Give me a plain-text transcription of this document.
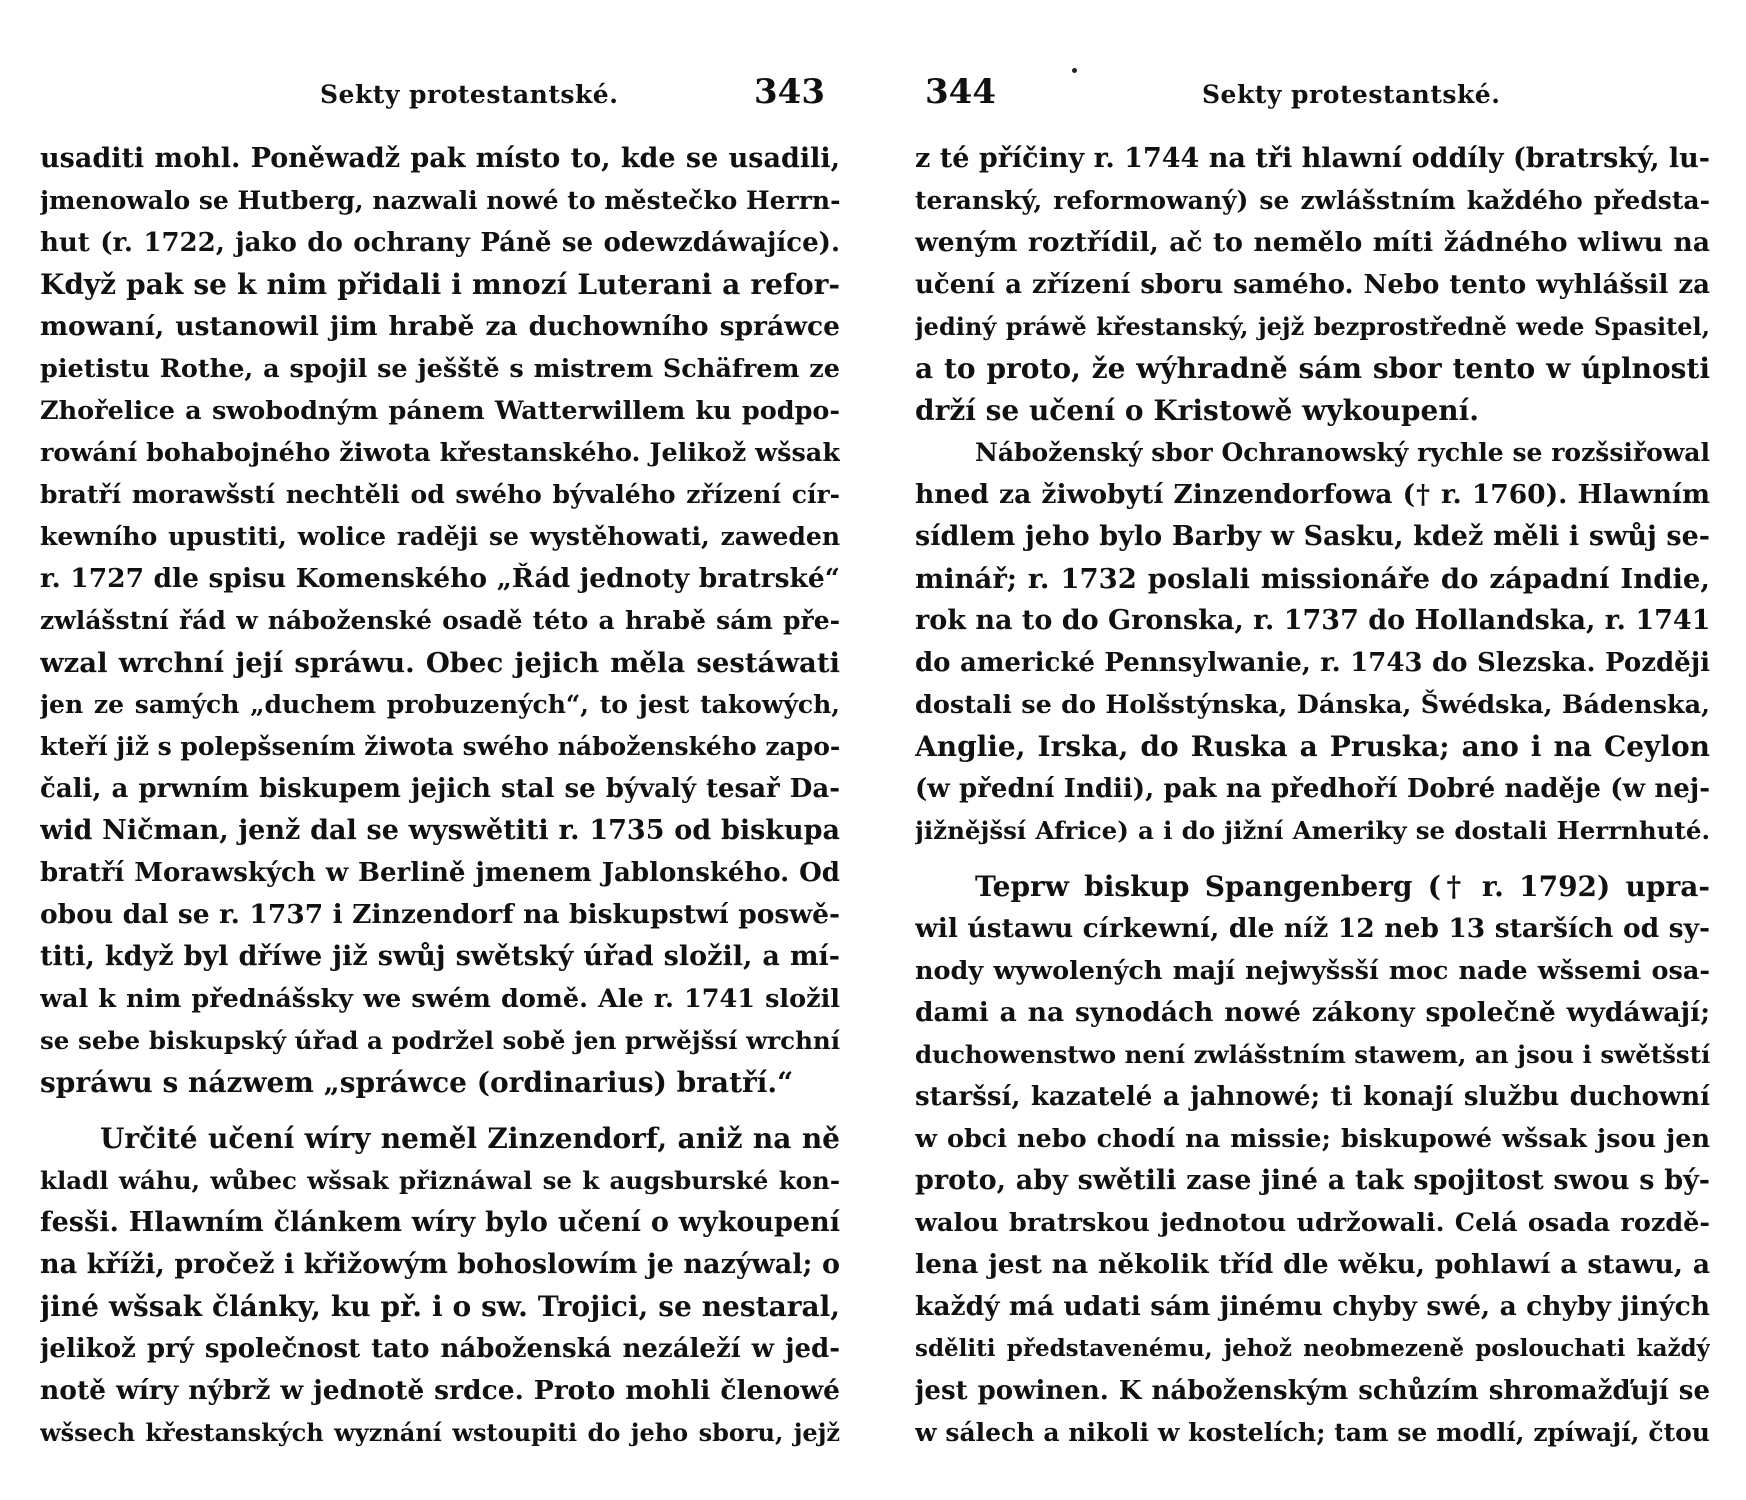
Sekty protestantské.	343
usaditi mohl. Poněwadž pak místo to, kde se usadili,
jmenowalo se Hutberg, nazwali nowé to městečko Herrn-
hut (r. 1722, jako do ochrany Páně se odewzdáwajíce).
Když pak se k nim přidali i mnozí Luterani a refor-
mowaní, ustanowil jim hrabě za duchowního spráwce
pietistu Rothe, a spojil se ješště s mistrem Schäfrem ze
Zhořelice a swobodným pánem Watterwillem ku podpo-
rowání bohabojného žiwota křestanského. Jelikož wšsak
bratří morawšstí nechtěli od swého bývalého zřízení cír-
kewního upustiti, wolice raději se wystěhowati, zaweden
r. 1727 dle spisu Komenského „Řád jednoty bratrské“
zwlášstní řád w náboženské osadě této a hrabě sám pře-
wzal wrchní její spráwu. Obec jejich měla sestáwati
jen ze samých „duchem probuzených“, to jest takowých,
kteří již s polepšsením žiwota swého náboženského zapo-
čali, a prwním biskupem jejich stal se bývalý tesař Da-
wid Ničman, jenž dal se wyswětiti r. 1735 od biskupa
bratří Morawských w Berlině jmenem Jablonského. Od
obou dal se r. 1737 i Zinzendorf na biskupstwí poswě-
titi, když byl dříwe již swůj swětský úřad složil, a mí-
wal k nim přednášsky we swém domě. Ale r. 1741 složil
se sebe biskupský úřad a podržel sobě jen prwějšsí wrchní
spráwu s názwem „spráwce (ordinarius) bratří.“
Určité učení wíry neměl Zinzendorf, aniž na ně
kladl wáhu, wůbec wšsak přiznáwal se k augsburské kon-
fesši. Hlawním článkem wíry bylo učení o wykoupení
na kříži, pročež i křižowým bohoslowím je nazýwal; o
jiné wšsak články, ku př. i o sw. Trojici, se nestaral,
jelikož prý společnost tato náboženská nezáleží w jed-
notě wíry nýbrž w jednotě srdce. Proto mohli členowé
wšsech křestanských wyznání wstoupiti do jeho sboru, jejž
344	Sekty protestantské.
z té příčiny r. 1744 na tři hlawní oddíly (bratrský, lu-
teranský, reformowaný) se zwlášstním každého předsta-
weným roztřídil, ač to nemělo míti žádného wliwu na
učení a zřízení sboru samého. Nebo tento wyhlášsil za
jediný práwě křestanský, jejž bezprostředně wede Spasitel,
a to proto, že wýhradně sám sbor tento w úplnosti
drží se učení o Kristowě wykoupení.
Náboženský sbor Ochranowský rychle se rozšsiřowal
hned za žiwobytí Zinzendorfowa († r. 1760). Hlawním
sídlem jeho bylo Barby w Sasku, kdež měli i swůj se-
minář; r. 1732 poslali missionáře do západní Indie,
rok na to do Gronska, r. 1737 do Hollandska, r. 1741
do americké Pennsylwanie, r. 1743 do Slezska. Později
dostali se do Holšstýnska, Dánska, Šwédska, Bádenska,
Anglie, Irska, do Ruska a Pruska; ano i na Ceylon
(w přední Indii), pak na předhoří Dobré naděje (w nej-
jižnějšsí Africe) a i do jižní Ameriky se dostali Herrnhuté.
Teprw biskup Spangenberg († r. 1792) upra-
wil ústawu církewní, dle níž 12 neb 13 starších od sy-
nody wywolených mají nejwyšsší moc nade wšsemi osa-
dami a na synodách nowé zákony společně wydáwají;
duchowenstwo není zwlášstním stawem, an jsou i swětšstí
staršsí, kazatelé a jahnowé; ti konají službu duchowní
w obci nebo chodí na missie; biskupowé wšsak jsou jen
proto, aby swětili zase jiné a tak spojitost swou s bý-
walou bratrskou jednotou udržowali. Celá osada rozdě-
lena jest na několik tříd dle wěku, pohlawí a stawu, a
každý má udati sám jinému chyby swé, a chyby jiných
sděliti představenému, jehož neobmezeně poslouchati každý
jest powinen. K náboženským schůzím shromažďují se
w sálech a nikoli w kostelích; tam se modlí, zpíwají, čtou
